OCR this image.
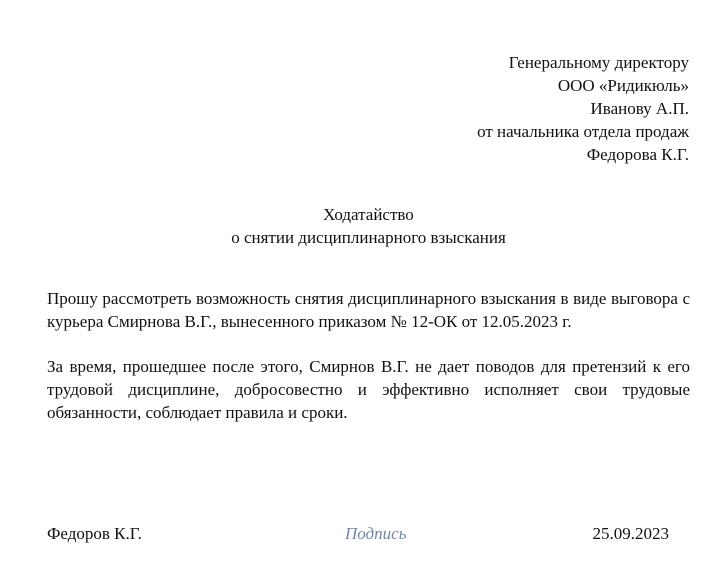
Генеральному директору
ООО «Ридикюль»
Иванову А.П.
от начальника отдела продаж
Федорова К.Г.
Ходатайство
о снятии дисциплинарного взыскания

Прошу рассмотреть возможность снятия дисциплинарного взыскания в виде выговора с курьера Смирнова В.Г., вынесенного приказом № 12-ОК от 12.05.2023 г.

За время, прошедшее после этого, Смирнов В.Г. не дает поводов для претензий к его трудовой дисциплине, добросовестно и эффективно исполняет свои трудовые обязанности, соблюдает правила и сроки.

Федоров К.Г.	Подпись	25.09.2023
